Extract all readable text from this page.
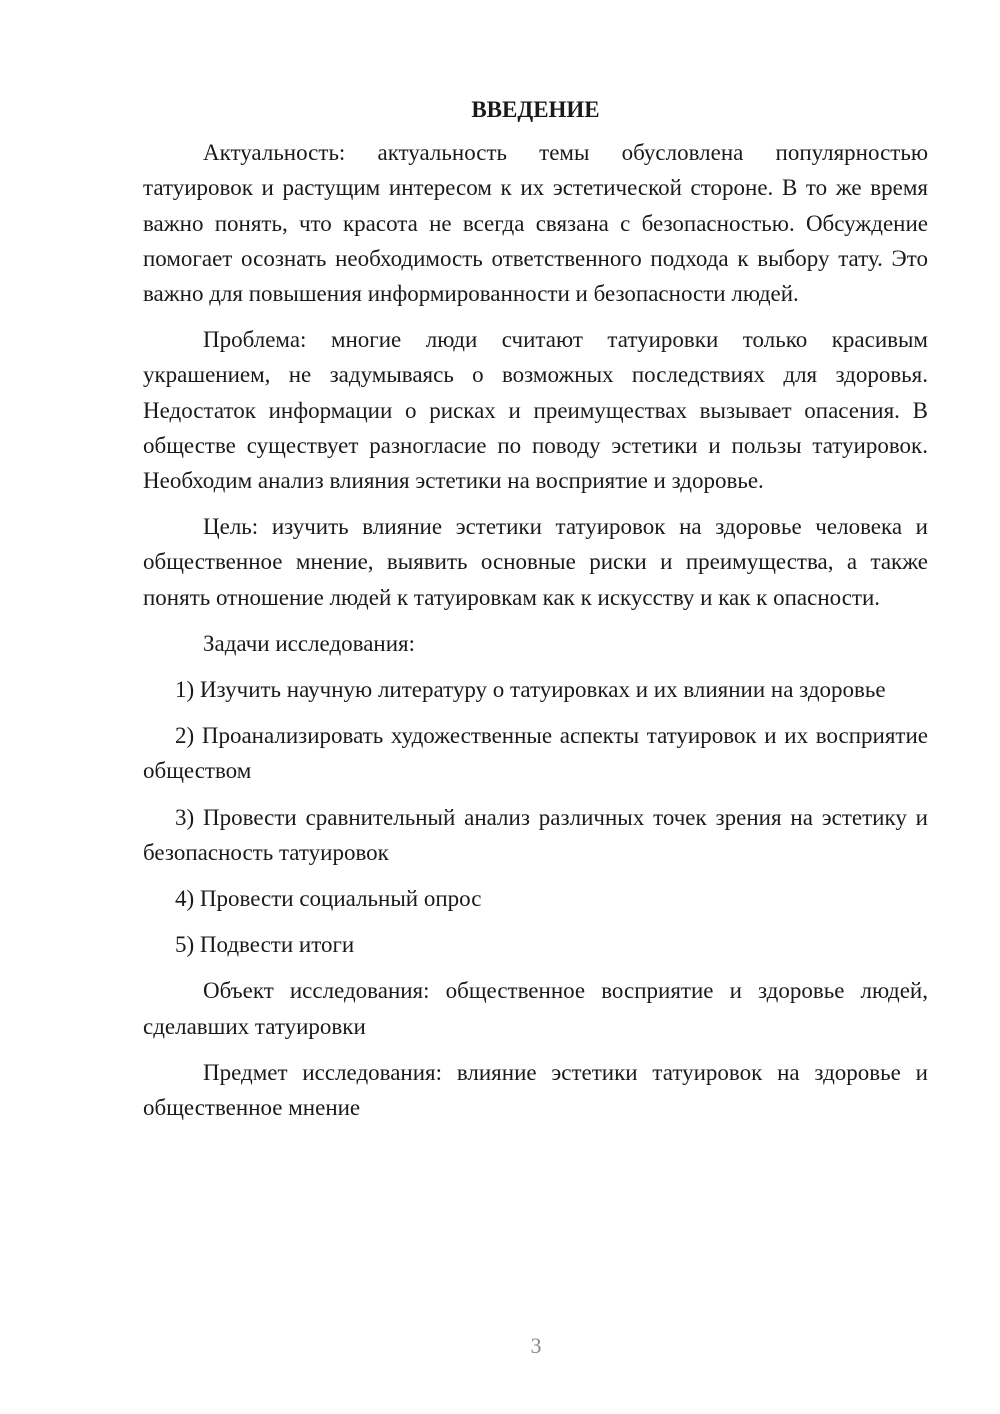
ВВЕДЕНИЕ

Актуальность: актуальность темы обусловлена популярностью татуировок и растущим интересом к их эстетической стороне. В то же время важно понять, что красота не всегда связана с безопасностью. Обсуждение помогает осознать необходимость ответственного подхода к выбору тату. Это важно для повышения информированности и безопасности людей.

Проблема: многие люди считают татуировки только красивым украшением, не задумываясь о возможных последствиях для здоровья. Недостаток информации о рисках и преимуществах вызывает опасения. В обществе существует разногласие по поводу эстетики и пользы татуировок. Необходим анализ влияния эстетики на восприятие и здоровье.

Цель: изучить влияние эстетики татуировок на здоровье человека и общественное мнение, выявить основные риски и преимущества, а также понять отношение людей к татуировкам как к искусству и как к опасности.

Задачи исследования:

1) Изучить научную литературу о татуировках и их влиянии на здоровье

2) Проанализировать художественные аспекты татуировок и их восприятие обществом

3) Провести сравнительный анализ различных точек зрения на эстетику и безопасность татуировок

4) Провести социальный опрос

5) Подвести итоги

Объект исследования: общественное восприятие и здоровье людей, сделавших татуировки

Предмет исследования: влияние эстетики татуировок на здоровье и общественное мнение

3
